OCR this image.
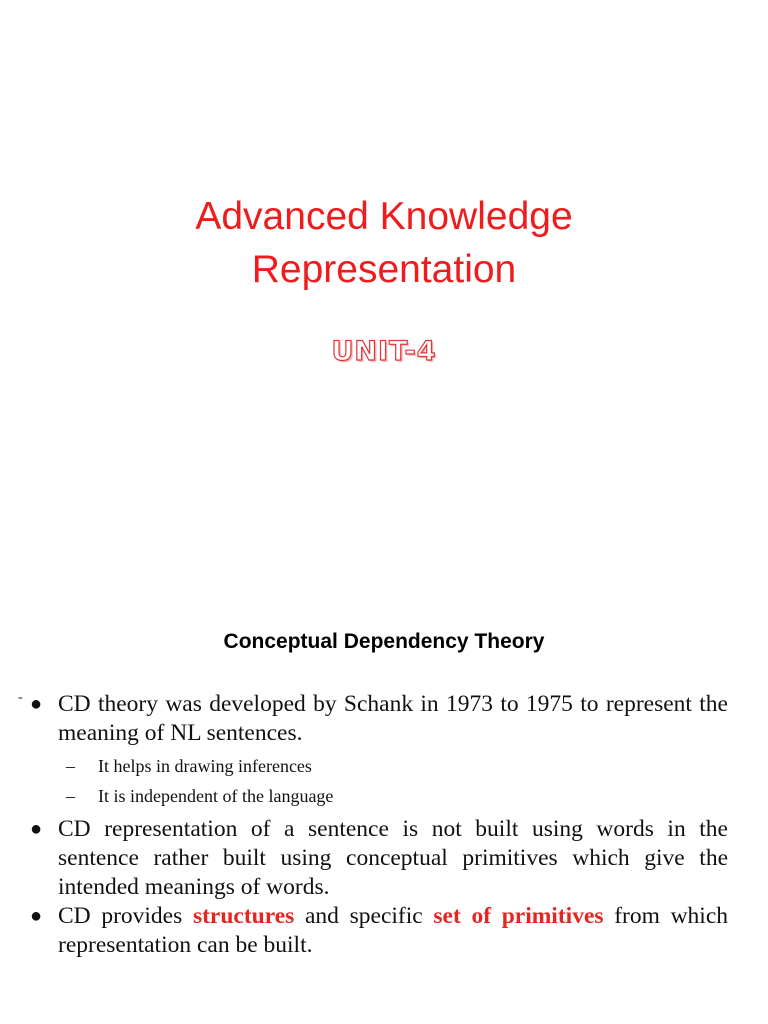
Advanced Knowledge
Representation
UNIT-4
Conceptual Dependency Theory
- ● CD theory was developed by Schank in 1973 to 1975 to represent the meaning of NL sentences.
– It helps in drawing inferences
– It is independent of the language
● CD representation of a sentence is not built using words in the sentence rather built using conceptual primitives which give the intended meanings of words.
● CD provides structures and specific set of primitives from which representation can be built.
